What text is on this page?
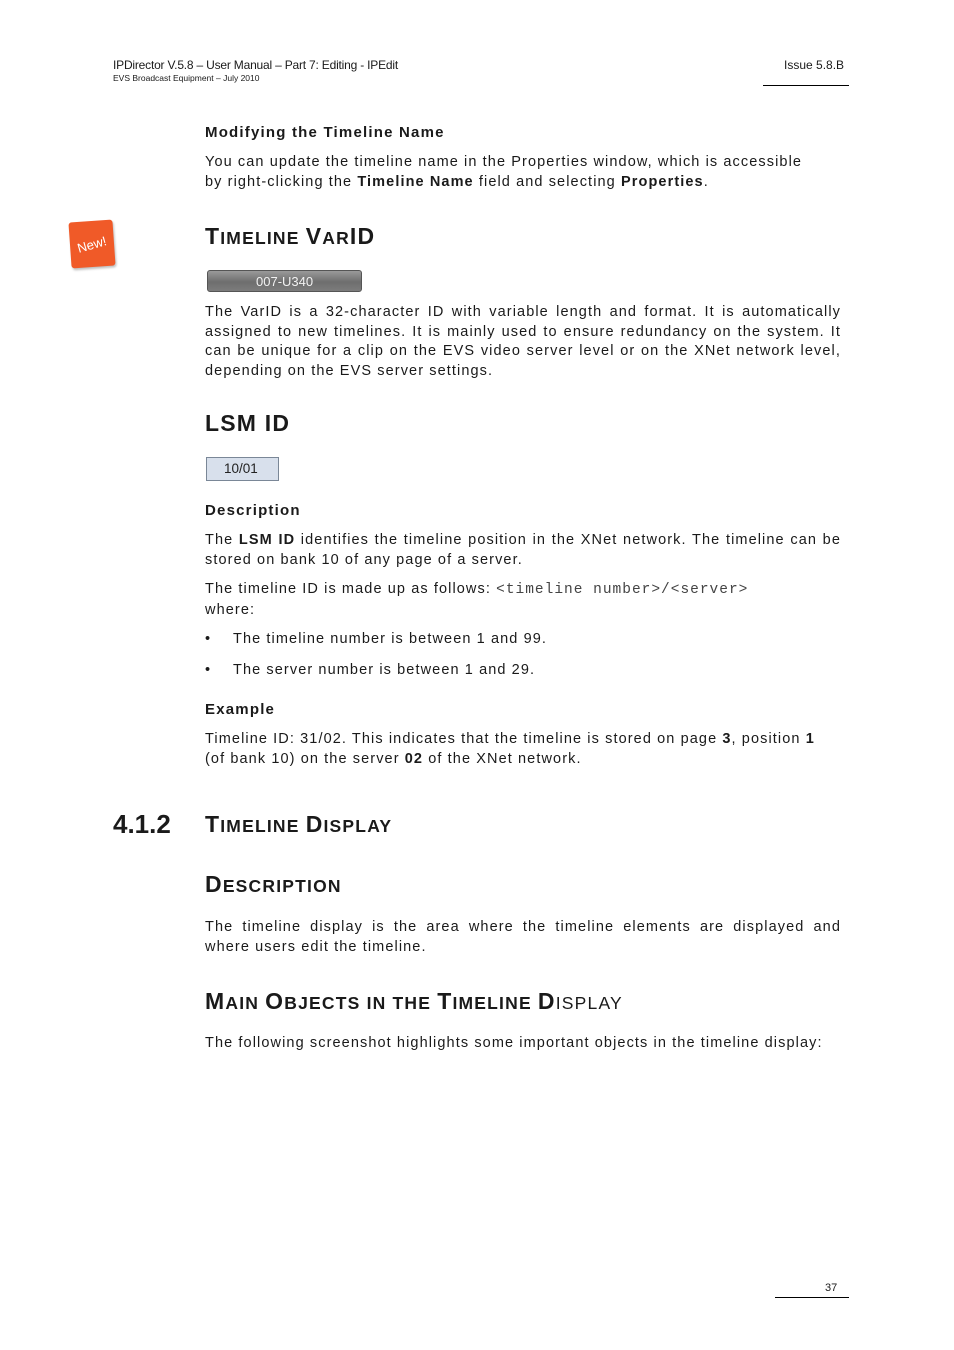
IPDirector V.5.8 – User Manual – Part 7: Editing - IPEdit
EVS Broadcast Equipment – July 2010
Issue 5.8.B
Modifying the Timeline Name
You can update the timeline name in the Properties window, which is accessible
by right-clicking the Timeline Name field and selecting Properties.
New!	TIMELINE VARID
007-U340
The VarID is a 32-character ID with variable length and format. It is automatically assigned to new timelines. It is mainly used to ensure redundancy on the system. It can be unique for a clip on the EVS video server level or on the XNet network level, depending on the EVS server settings.
LSM ID
10/01
Description
The LSM ID identifies the timeline position in the XNet network. The timeline can be stored on bank 10 of any page of a server.
The timeline ID is made up as follows: <timeline number>/<server>
where:
• The timeline number is between 1 and 99.
• The server number is between 1 and 29.
Example
Timeline ID: 31/02. This indicates that the timeline is stored on page 3, position 1
(of bank 10) on the server 02 of the XNet network.
4.1.2 TIMELINE DISPLAY
DESCRIPTION
The timeline display is the area where the timeline elements are displayed and where users edit the timeline.
MAIN OBJECTS IN THE TIMELINE DISPLAY
The following screenshot highlights some important objects in the timeline display:
37
